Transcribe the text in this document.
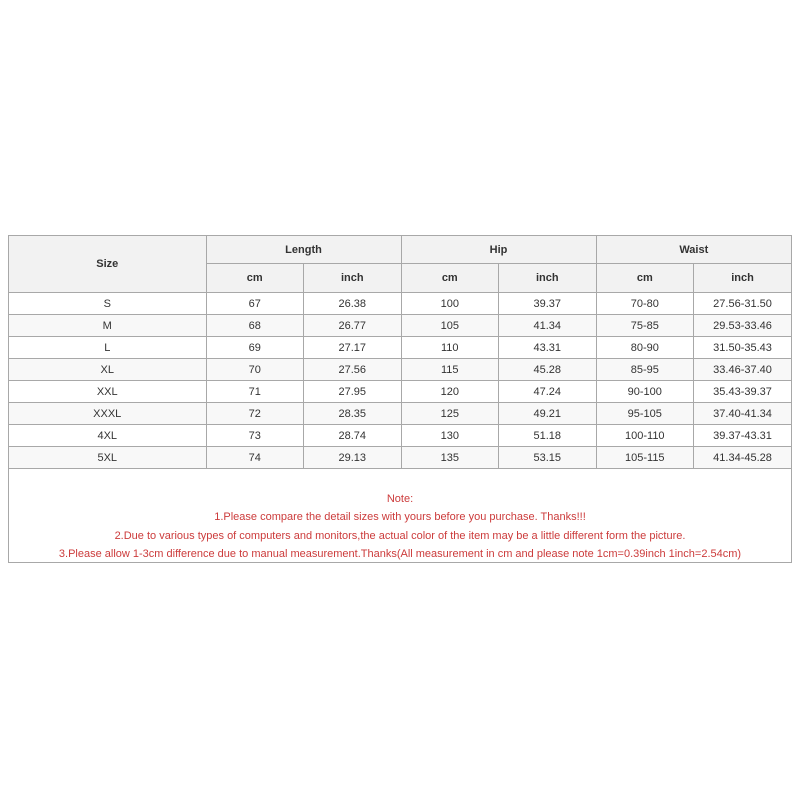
Size	Length		Hip		Waist	
	cm	inch	cm	inch	cm	inch
S	67	26.38	100	39.37	70-80	27.56-31.50
M	68	26.77	105	41.34	75-85	29.53-33.46
L	69	27.17	110	43.31	80-90	31.50-35.43
XL	70	27.56	115	45.28	85-95	33.46-37.40
XXL	71	27.95	120	47.24	90-100	35.43-39.37
XXXL	72	28.35	125	49.21	95-105	37.40-41.34
4XL	73	28.74	130	51.18	100-110	39.37-43.31
5XL	74	29.13	135	53.15	105-115	41.34-45.28
Note:
1.Please compare the detail sizes with yours before you purchase. Thanks!!!
2.Due to various types of computers and monitors,the actual color of the item may be a little different form the picture.
3.Please allow 1-3cm difference due to manual measurement.Thanks(All measurement in cm and please note 1cm=0.39inch 1inch=2.54cm)
